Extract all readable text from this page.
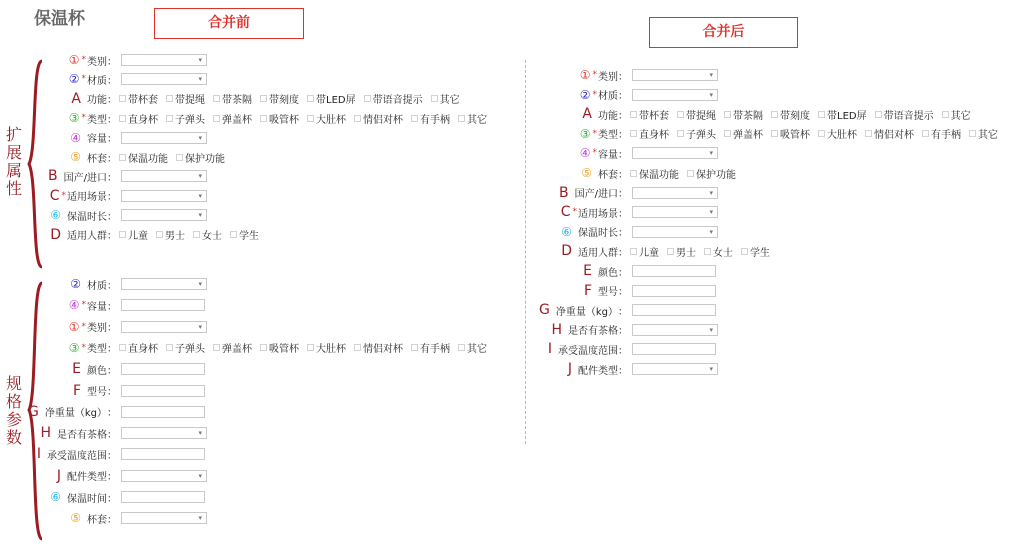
保温杯	合并前
合并后
扩
展
属
性
规
格
参
数
① * 类别 ：	▾
② * 材质 ：	▾
A 功能 ： 带杯套 带提绳 带茶隔 带刻度 带LED屏 带语音提示 其它
③ * 类型 ： 直身杯 子弹头 弹盖杯 吸管杯 大肚杯 情侣对杯 有手柄 其它
④ 容量 ：	▾
⑤ 杯套 ： 保温功能 保护功能
B 国产/进口 ：	▾
C * 适用场景 ：	▾
⑥ 保温时长 ：	▾
D 适用人群 ： 儿童 男士 女士 学生
② 材质 ：	▾
④ * 容量 ：
① * 类别 ：	▾
③ * 类型 ： 直身杯 子弹头 弹盖杯 吸管杯 大肚杯 情侣对杯 有手柄 其它
E 颜色 ：
F 型号 ：
G 净重量（kg） ：
H 是否有茶格 ：	▾
I 承受温度范围 ：
J 配件类型 ：	▾
⑥ 保温时间 ：
⑤ 杯套 ：	▾
① * 类别 ：	▾
② * 材质 ：	▾
A 功能 ： 带杯套 带提绳 带茶隔 带刻度 带LED屏 带语音提示 其它
③ * 类型 ： 直身杯 子弹头 弹盖杯 吸管杯 大肚杯 情侣对杯 有手柄 其它
④ * 容量 ：	▾
⑤ 杯套 ： 保温功能 保护功能
B 国产/进口 ：	▾
C * 适用场景 ：	▾
⑥ 保温时长 ：	▾
D 适用人群 ： 儿童 男士 女士 学生
E 颜色 ：
F 型号 ：
G 净重量（kg） ：
H 是否有茶格 ：	▾
I 承受温度范围 ：
J 配件类型 ：	▾
